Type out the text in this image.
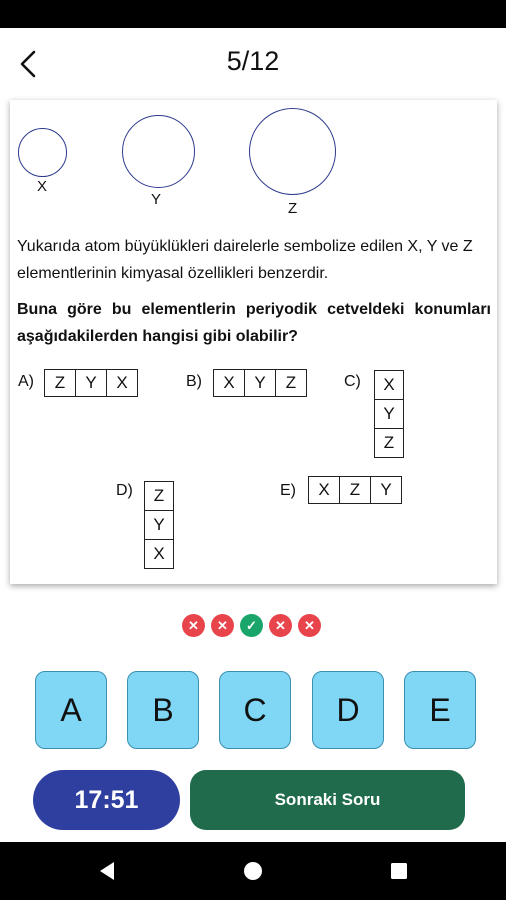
5/12
X
Y
Z
Yukarıda atom büyüklükleri dairelerle sembolize edilen X, Y ve Z elementlerinin kimyasal özellikleri benzerdir.
Buna göre bu elementlerin periyodik cetveldeki konumları aşağıdakilerden hangisi gibi olabilir?
A)	Z	Y	X	B)	X	Y	Z	C)	X
Y
Z
D)	Z
Y
X
E)	X	Z	Y
✕	✕	✓	✕	✕
A	B	C	D	E
17:51	Sonraki Soru
